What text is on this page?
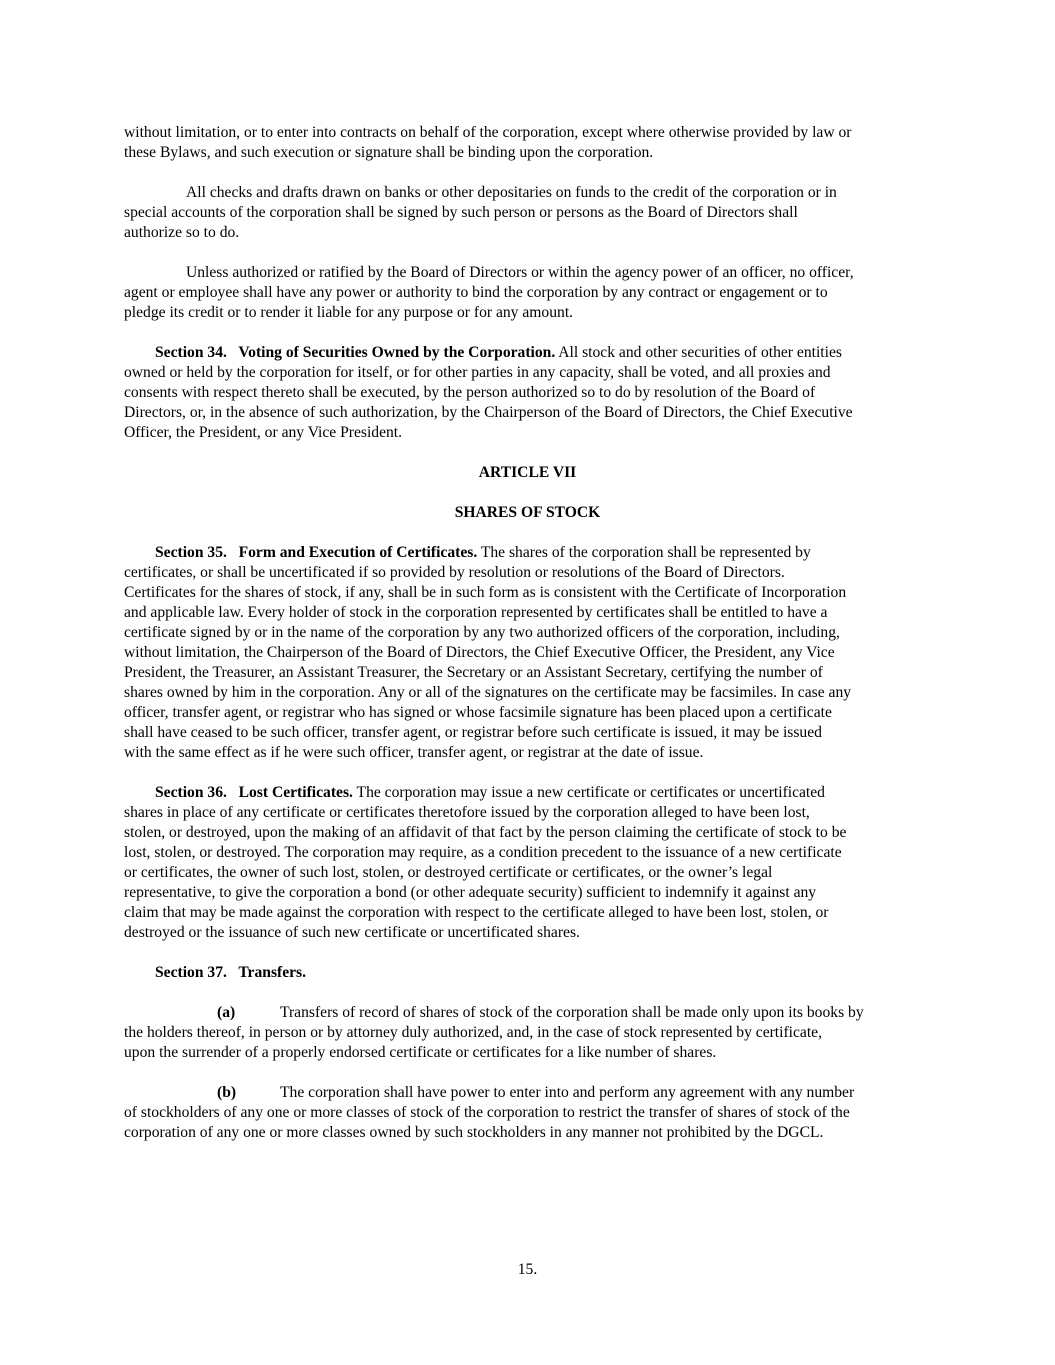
without limitation, or to enter into contracts on behalf of the corporation, except where otherwise provided by law or
these Bylaws, and such execution or signature shall be binding upon the corporation.

All checks and drafts drawn on banks or other depositaries on funds to the credit of the corporation or in
special accounts of the corporation shall be signed by such person or persons as the Board of Directors shall
authorize so to do.

Unless authorized or ratified by the Board of Directors or within the agency power of an officer, no officer,
agent or employee shall have any power or authority to bind the corporation by any contract or engagement or to
pledge its credit or to render it liable for any purpose or for any amount.

Section 34.   Voting of Securities Owned by the Corporation. All stock and other securities of other entities
owned or held by the corporation for itself, or for other parties in any capacity, shall be voted, and all proxies and
consents with respect thereto shall be executed, by the person authorized so to do by resolution of the Board of
Directors, or, in the absence of such authorization, by the Chairperson of the Board of Directors, the Chief Executive
Officer, the President, or any Vice President.

ARTICLE VII

SHARES OF STOCK

Section 35.   Form and Execution of Certificates. The shares of the corporation shall be represented by
certificates, or shall be uncertificated if so provided by resolution or resolutions of the Board of Directors.
Certificates for the shares of stock, if any, shall be in such form as is consistent with the Certificate of Incorporation
and applicable law. Every holder of stock in the corporation represented by certificates shall be entitled to have a
certificate signed by or in the name of the corporation by any two authorized officers of the corporation, including,
without limitation, the Chairperson of the Board of Directors, the Chief Executive Officer, the President, any Vice
President, the Treasurer, an Assistant Treasurer, the Secretary or an Assistant Secretary, certifying the number of
shares owned by him in the corporation. Any or all of the signatures on the certificate may be facsimiles. In case any
officer, transfer agent, or registrar who has signed or whose facsimile signature has been placed upon a certificate
shall have ceased to be such officer, transfer agent, or registrar before such certificate is issued, it may be issued
with the same effect as if he were such officer, transfer agent, or registrar at the date of issue.

Section 36.   Lost Certificates. The corporation may issue a new certificate or certificates or uncertificated
shares in place of any certificate or certificates theretofore issued by the corporation alleged to have been lost,
stolen, or destroyed, upon the making of an affidavit of that fact by the person claiming the certificate of stock to be
lost, stolen, or destroyed. The corporation may require, as a condition precedent to the issuance of a new certificate
or certificates, the owner of such lost, stolen, or destroyed certificate or certificates, or the owner’s legal
representative, to give the corporation a bond (or other adequate security) sufficient to indemnify it against any
claim that may be made against the corporation with respect to the certificate alleged to have been lost, stolen, or
destroyed or the issuance of such new certificate or uncertificated shares.

Section 37.   Transfers.

(a)	Transfers of record of shares of stock of the corporation shall be made only upon its books by
the holders thereof, in person or by attorney duly authorized, and, in the case of stock represented by certificate,
upon the surrender of a properly endorsed certificate or certificates for a like number of shares.

(b)	The corporation shall have power to enter into and perform any agreement with any number
of stockholders of any one or more classes of stock of the corporation to restrict the transfer of shares of stock of the
corporation of any one or more classes owned by such stockholders in any manner not prohibited by the DGCL.

15.
